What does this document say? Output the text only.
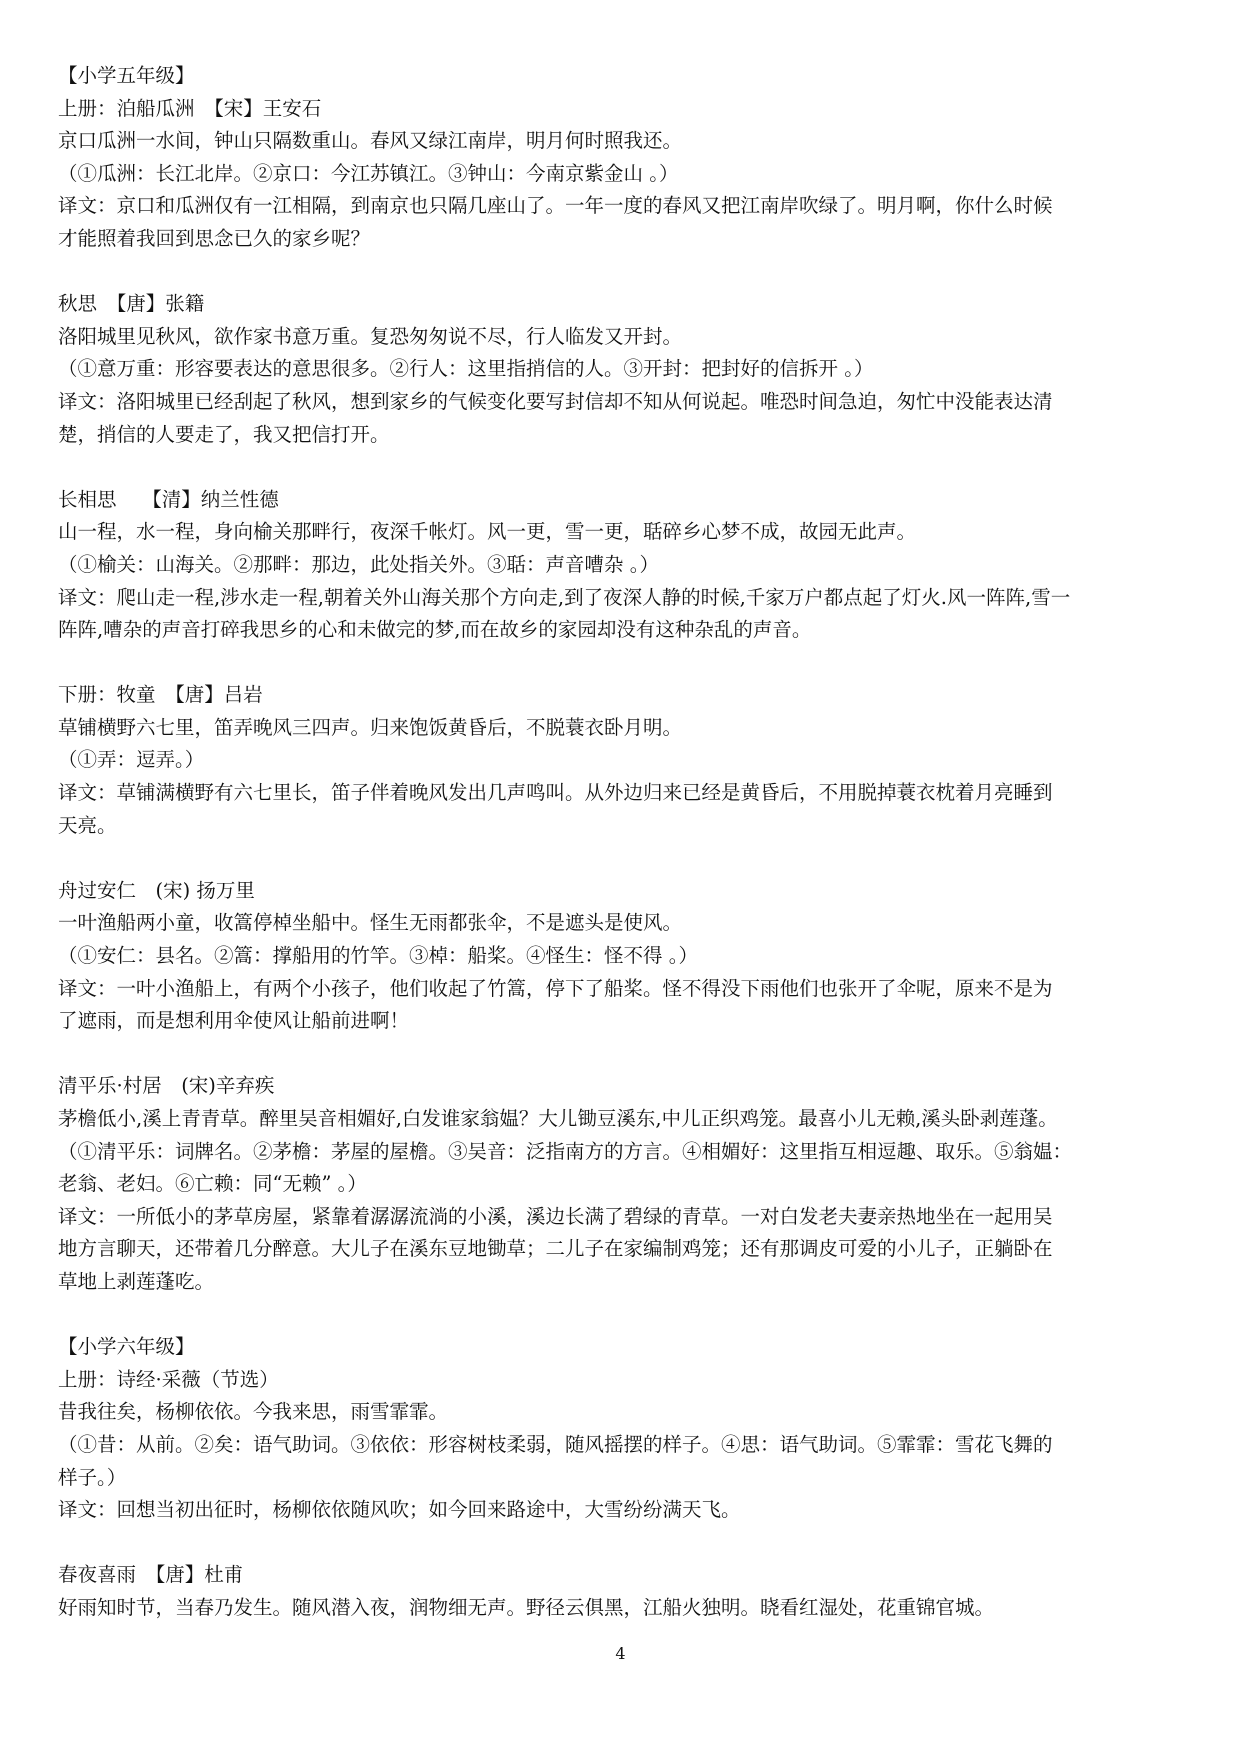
【小学五年级】
上册：泊船瓜洲　【宋】王安石
京口瓜洲一水间，钟山只隔数重山。春风又绿江南岸，明月何时照我还。
（①瓜洲：长江北岸。②京口：今江苏镇江。③钟山：今南京紫金山 。）
译文：京口和瓜洲仅有一江相隔，到南京也只隔几座山了。一年一度的春风又把江南岸吹绿了。明月啊，你什么时候
才能照着我回到思念已久的家乡呢？
秋思　【唐】张籍
洛阳城里见秋风，欲作家书意万重。复恐匆匆说不尽，行人临发又开封。
（①意万重：形容要表达的意思很多。②行人：这里指捎信的人。③开封：把封好的信拆开 。）
译文：洛阳城里已经刮起了秋风，想到家乡的气候变化要写封信却不知从何说起。唯恐时间急迫，匆忙中没能表达清
楚，捎信的人要走了，我又把信打开。
长相思　 【清】纳兰性德
山一程，水一程，身向榆关那畔行，夜深千帐灯。风一更，雪一更，聒碎乡心梦不成，故园无此声。
（①榆关：山海关。②那畔：那边，此处指关外。③聒：声音嘈杂 。）
译文：爬山走一程,涉水走一程,朝着关外山海关那个方向走,到了夜深人静的时候,千家万户都点起了灯火.风一阵阵,雪一
阵阵,嘈杂的声音打碎我思乡的心和未做完的梦,而在故乡的家园却没有这种杂乱的声音。
下册：牧童　【唐】吕岩
草铺横野六七里，笛弄晚风三四声。归来饱饭黄昏后，不脱蓑衣卧月明。
（①弄：逗弄。）
译文：草铺满横野有六七里长，笛子伴着晚风发出几声鸣叫。从外边归来已经是黄昏后，不用脱掉蓑衣枕着月亮睡到
天亮。
舟过安仁　(宋) 扬万里
一叶渔船两小童，收篙停棹坐船中。怪生无雨都张伞，不是遮头是使风。
（①安仁：县名。②篙：撑船用的竹竿。③棹：船桨。④怪生：怪不得 。）
译文：一叶小渔船上，有两个小孩子，他们收起了竹篙，停下了船桨。怪不得没下雨他们也张开了伞呢，原来不是为
了遮雨，而是想利用伞使风让船前进啊！
清平乐·村居　(宋)辛弃疾
茅檐低小,溪上青青草。醉里吴音相媚好,白发谁家翁媪？大儿锄豆溪东,中儿正织鸡笼。最喜小儿无赖,溪头卧剥莲蓬。
（①清平乐：词牌名。②茅檐：茅屋的屋檐。③吴音：泛指南方的方言。④相媚好：这里指互相逗趣、取乐。⑤翁媪：
老翁、老妇。⑥亡赖：同“无赖” 。）
译文：一所低小的茅草房屋，紧靠着潺潺流淌的小溪，溪边长满了碧绿的青草。一对白发老夫妻亲热地坐在一起用吴
地方言聊天，还带着几分醉意。大儿子在溪东豆地锄草；二儿子在家编制鸡笼；还有那调皮可爱的小儿子，正躺卧在
草地上剥莲蓬吃。
【小学六年级】
上册：诗经·采薇（节选）
昔我往矣，杨柳依依。今我来思，雨雪霏霏。
（①昔：从前。②矣：语气助词。③依依：形容树枝柔弱，随风摇摆的样子。④思：语气助词。⑤霏霏：雪花飞舞的
样子。）
译文：回想当初出征时，杨柳依依随风吹；如今回来路途中，大雪纷纷满天飞。
春夜喜雨　【唐】杜甫
好雨知时节，当春乃发生。随风潜入夜，润物细无声。野径云俱黑，江船火独明。晓看红湿处，花重锦官城。
4
